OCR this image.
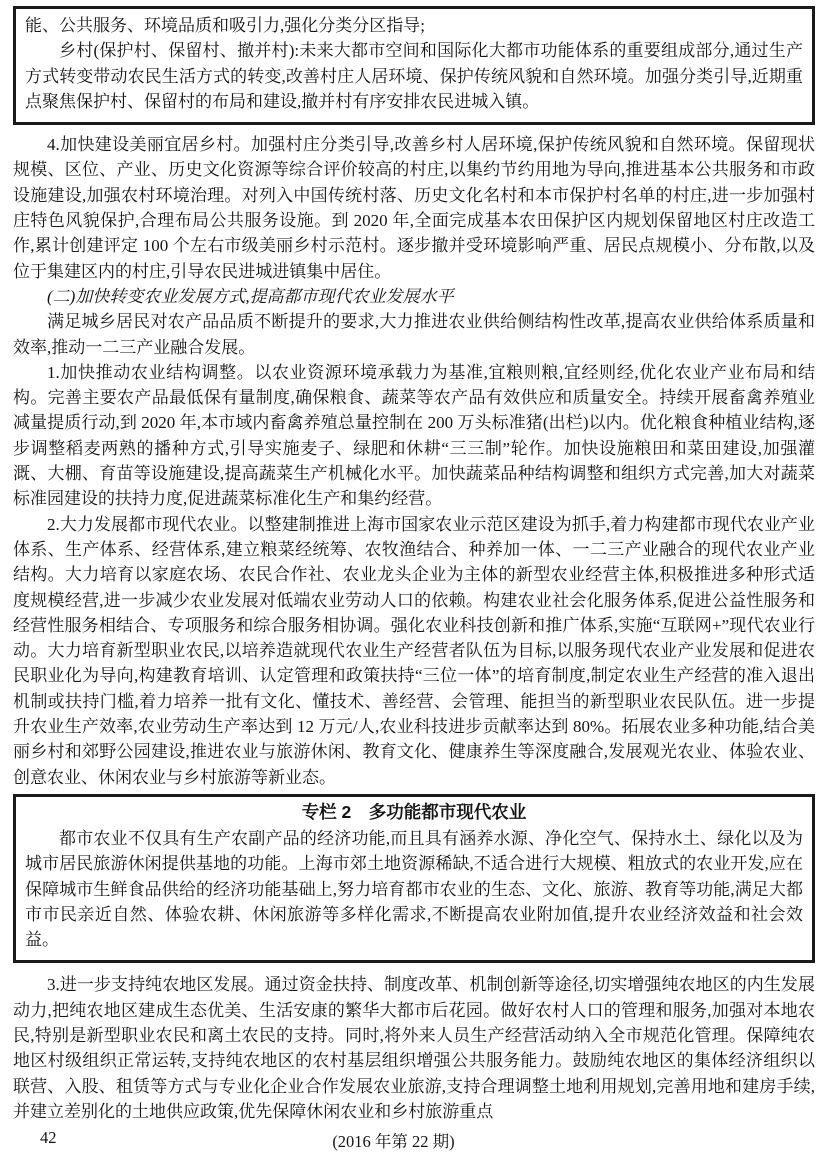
能、公共服务、环境品质和吸引力,强化分类分区指导;

乡村(保护村、保留村、撤并村):未来大都市空间和国际化大都市功能体系的重要组成部分,通过生产方式转变带动农民生活方式的转变,改善村庄人居环境、保护传统风貌和自然环境。加强分类引导,近期重点聚焦保护村、保留村的布局和建设,撤并村有序安排农民进城入镇。

4.加快建设美丽宜居乡村。加强村庄分类引导,改善乡村人居环境,保护传统风貌和自然环境。保留现状规模、区位、产业、历史文化资源等综合评价较高的村庄,以集约节约用地为导向,推进基本公共服务和市政设施建设,加强农村环境治理。对列入中国传统村落、历史文化名村和本市保护村名单的村庄,进一步加强村庄特色风貌保护,合理布局公共服务设施。到 2020 年,全面完成基本农田保护区内规划保留地区村庄改造工作,累计创建评定 100 个左右市级美丽乡村示范村。逐步撤并受环境影响严重、居民点规模小、分布散,以及位于集建区内的村庄,引导农民进城进镇集中居住。

(二)加快转变农业发展方式,提高都市现代农业发展水平

满足城乡居民对农产品品质不断提升的要求,大力推进农业供给侧结构性改革,提高农业供给体系质量和效率,推动一二三产业融合发展。

1.加快推动农业结构调整。以农业资源环境承载力为基准,宜粮则粮,宜经则经,优化农业产业布局和结构。完善主要农产品最低保有量制度,确保粮食、蔬菜等农产品有效供应和质量安全。持续开展畜禽养殖业减量提质行动,到 2020 年,本市域内畜禽养殖总量控制在 200 万头标准猪(出栏)以内。优化粮食种植业结构,逐步调整稻麦两熟的播种方式,引导实施麦子、绿肥和休耕“三三制”轮作。加快设施粮田和菜田建设,加强灌溉、大棚、育苗等设施建设,提高蔬菜生产机械化水平。加快蔬菜品种结构调整和组织方式完善,加大对蔬菜标准园建设的扶持力度,促进蔬菜标准化生产和集约经营。

2.大力发展都市现代农业。以整建制推进上海市国家农业示范区建设为抓手,着力构建都市现代农业产业体系、生产体系、经营体系,建立粮菜经统筹、农牧渔结合、种养加一体、一二三产业融合的现代农业产业结构。大力培育以家庭农场、农民合作社、农业龙头企业为主体的新型农业经营主体,积极推进多种形式适度规模经营,进一步减少农业发展对低端农业劳动人口的依赖。构建农业社会化服务体系,促进公益性服务和经营性服务相结合、专项服务和综合服务相协调。强化农业科技创新和推广体系,实施“互联网+”现代农业行动。大力培育新型职业农民,以培养造就现代农业生产经营者队伍为目标,以服务现代农业产业发展和促进农民职业化为导向,构建教育培训、认定管理和政策扶持“三位一体”的培育制度,制定农业生产经营的准入退出机制或扶持门槛,着力培养一批有文化、懂技术、善经营、会管理、能担当的新型职业农民队伍。进一步提升农业生产效率,农业劳动生产率达到 12 万元/人,农业科技进步贡献率达到 80%。拓展农业多种功能,结合美丽乡村和郊野公园建设,推进农业与旅游休闲、教育文化、健康养生等深度融合,发展观光农业、体验农业、创意农业、休闲农业与乡村旅游等新业态。

专栏 2　多功能都市现代农业

都市农业不仅具有生产农副产品的经济功能,而且具有涵养水源、净化空气、保持水土、绿化以及为城市居民旅游休闲提供基地的功能。上海市郊土地资源稀缺,不适合进行大规模、粗放式的农业开发,应在保障城市生鲜食品供给的经济功能基础上,努力培育都市农业的生态、文化、旅游、教育等功能,满足大都市市民亲近自然、体验农耕、休闲旅游等多样化需求,不断提高农业附加值,提升农业经济效益和社会效益。

3.进一步支持纯农地区发展。通过资金扶持、制度改革、机制创新等途径,切实增强纯农地区的内生发展动力,把纯农地区建成生态优美、生活安康的繁华大都市后花园。做好农村人口的管理和服务,加强对本地农民,特别是新型职业农民和离土农民的支持。同时,将外来人员生产经营活动纳入全市规范化管理。保障纯农地区村级组织正常运转,支持纯农地区的农村基层组织增强公共服务能力。鼓励纯农地区的集体经济组织以联营、入股、租赁等方式与专业化企业合作发展农业旅游,支持合理调整土地利用规划,完善用地和建房手续,并建立差别化的土地供应政策,优先保障休闲农业和乡村旅游重点

42	(2016 年第 22 期)
